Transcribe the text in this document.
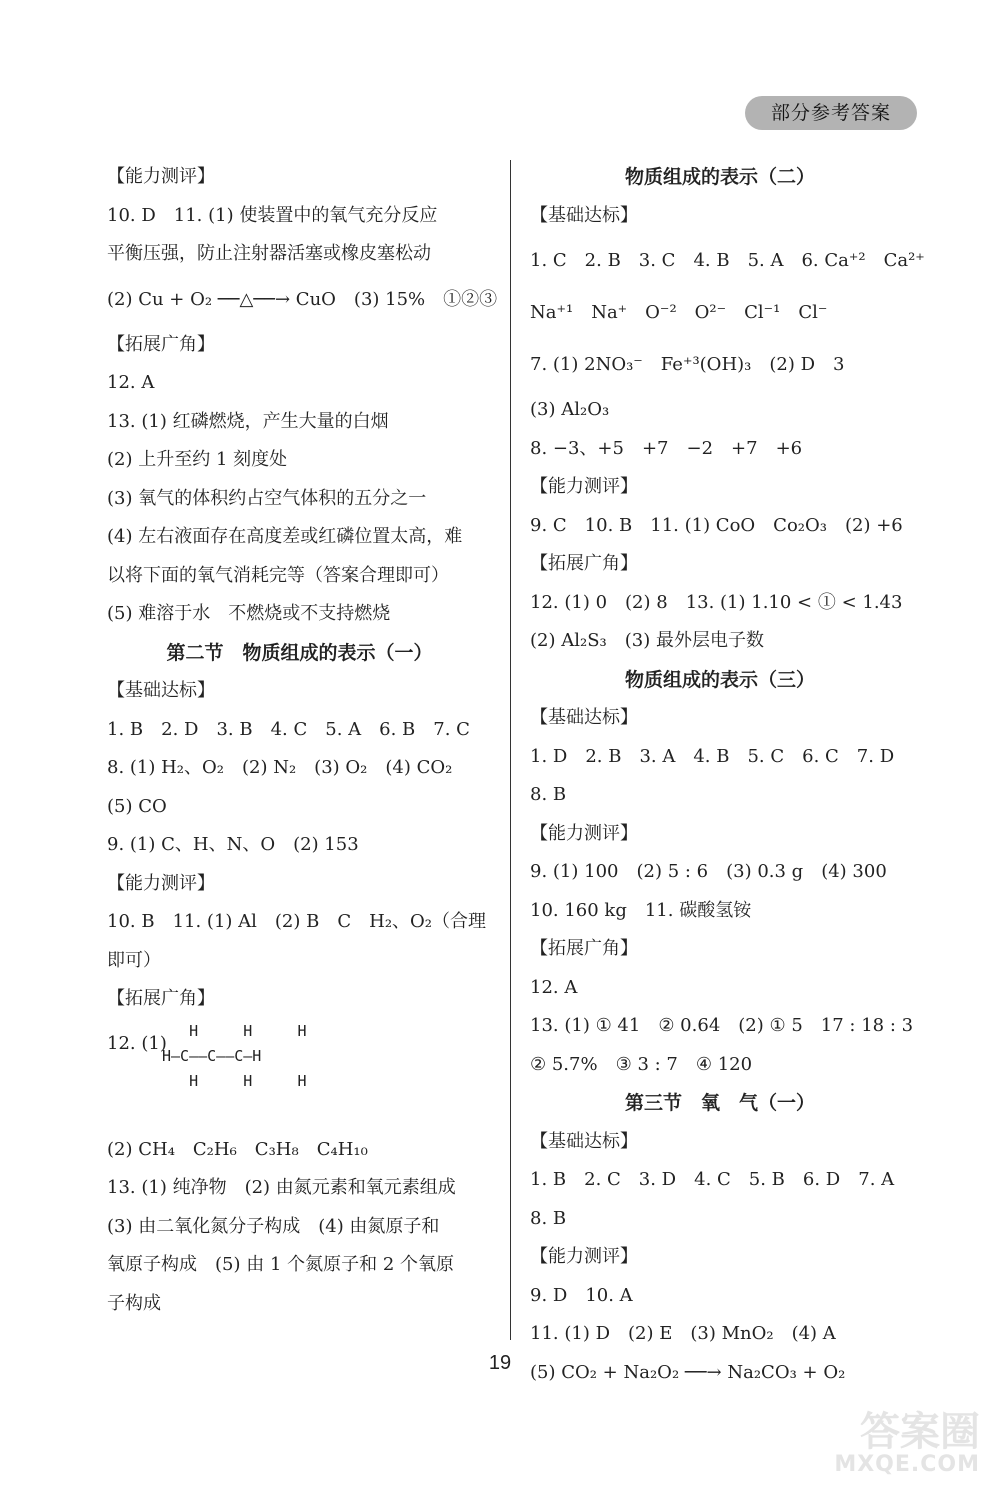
部分参考答案
【能力测评】
10. D　11. (1) 使装置中的氧气充分反应
平衡压强，防止注射器活塞或橡皮塞松动
(2) Cu + O₂ ──△──→ CuO　(3) 15%　①②③
【拓展广角】
12. A
13. (1) 红磷燃烧，产生大量的白烟
(2) 上升至约 1 刻度处
(3) 氧气的体积约占空气体积的五分之一
(4) 左右液面存在高度差或红磷位置太高，难
以将下面的氧气消耗完等（答案合理即可）
(5) 难溶于水　不燃烧或不支持燃烧
第二节　物质组成的表示（一）
【基础达标】
1. B　2. D　3. B　4. C　5. A　6. B　7. C
8. (1) H₂、O₂　(2) N₂　(3) O₂　(4) CO₂
(5) CO
9. (1) C、H、N、O　(2) 153
【能力测评】
10. B　11. (1) Al　(2) B　C　H₂、O₂（合理
即可）
【拓展广角】
12. (1)
H     H     H
H—C——C——C—H
H     H     H
(2) CH₄　C₂H₆　C₃H₈　C₄H₁₀
13. (1) 纯净物　(2) 由氮元素和氧元素组成
(3) 由二氧化氮分子构成　(4) 由氮原子和
氧原子构成　(5) 由 1 个氮原子和 2 个氧原
子构成
物质组成的表示（二）
【基础达标】
1. C　2. B　3. C　4. B　5. A　6. Ca⁺²　Ca²⁺
Na⁺¹　Na⁺　O⁻²　O²⁻　Cl⁻¹　Cl⁻
7. (1) 2NO₃⁻　Fe⁺³(OH)₃　(2) D　3
(3) Al₂O₃
8. −3、+5　+7　−2　+7　+6
【能力测评】
9. C　10. B　11. (1) CoO　Co₂O₃　(2) +6
【拓展广角】
12. (1) 0　(2) 8　13. (1) 1.10 < ① < 1.43
(2) Al₂S₃　(3) 最外层电子数
物质组成的表示（三）
【基础达标】
1. D　2. B　3. A　4. B　5. C　6. C　7. D
8. B
【能力测评】
9. (1) 100　(2) 5 : 6　(3) 0.3 g　(4) 300
10. 160 kg　11. 碳酸氢铵
【拓展广角】
12. A
13. (1) ① 41　② 0.64　(2) ① 5　17 : 18 : 3
② 5.7%　③ 3 : 7　④ 120
第三节　氧　气（一）
【基础达标】
1. B　2. C　3. D　4. C　5. B　6. D　7. A
8. B
【能力测评】
9. D　10. A
11. (1) D　(2) E　(3) MnO₂　(4) A
(5) CO₂ + Na₂O₂ ──→ Na₂CO₃ + O₂
19
答案圈
MXQE.COM
